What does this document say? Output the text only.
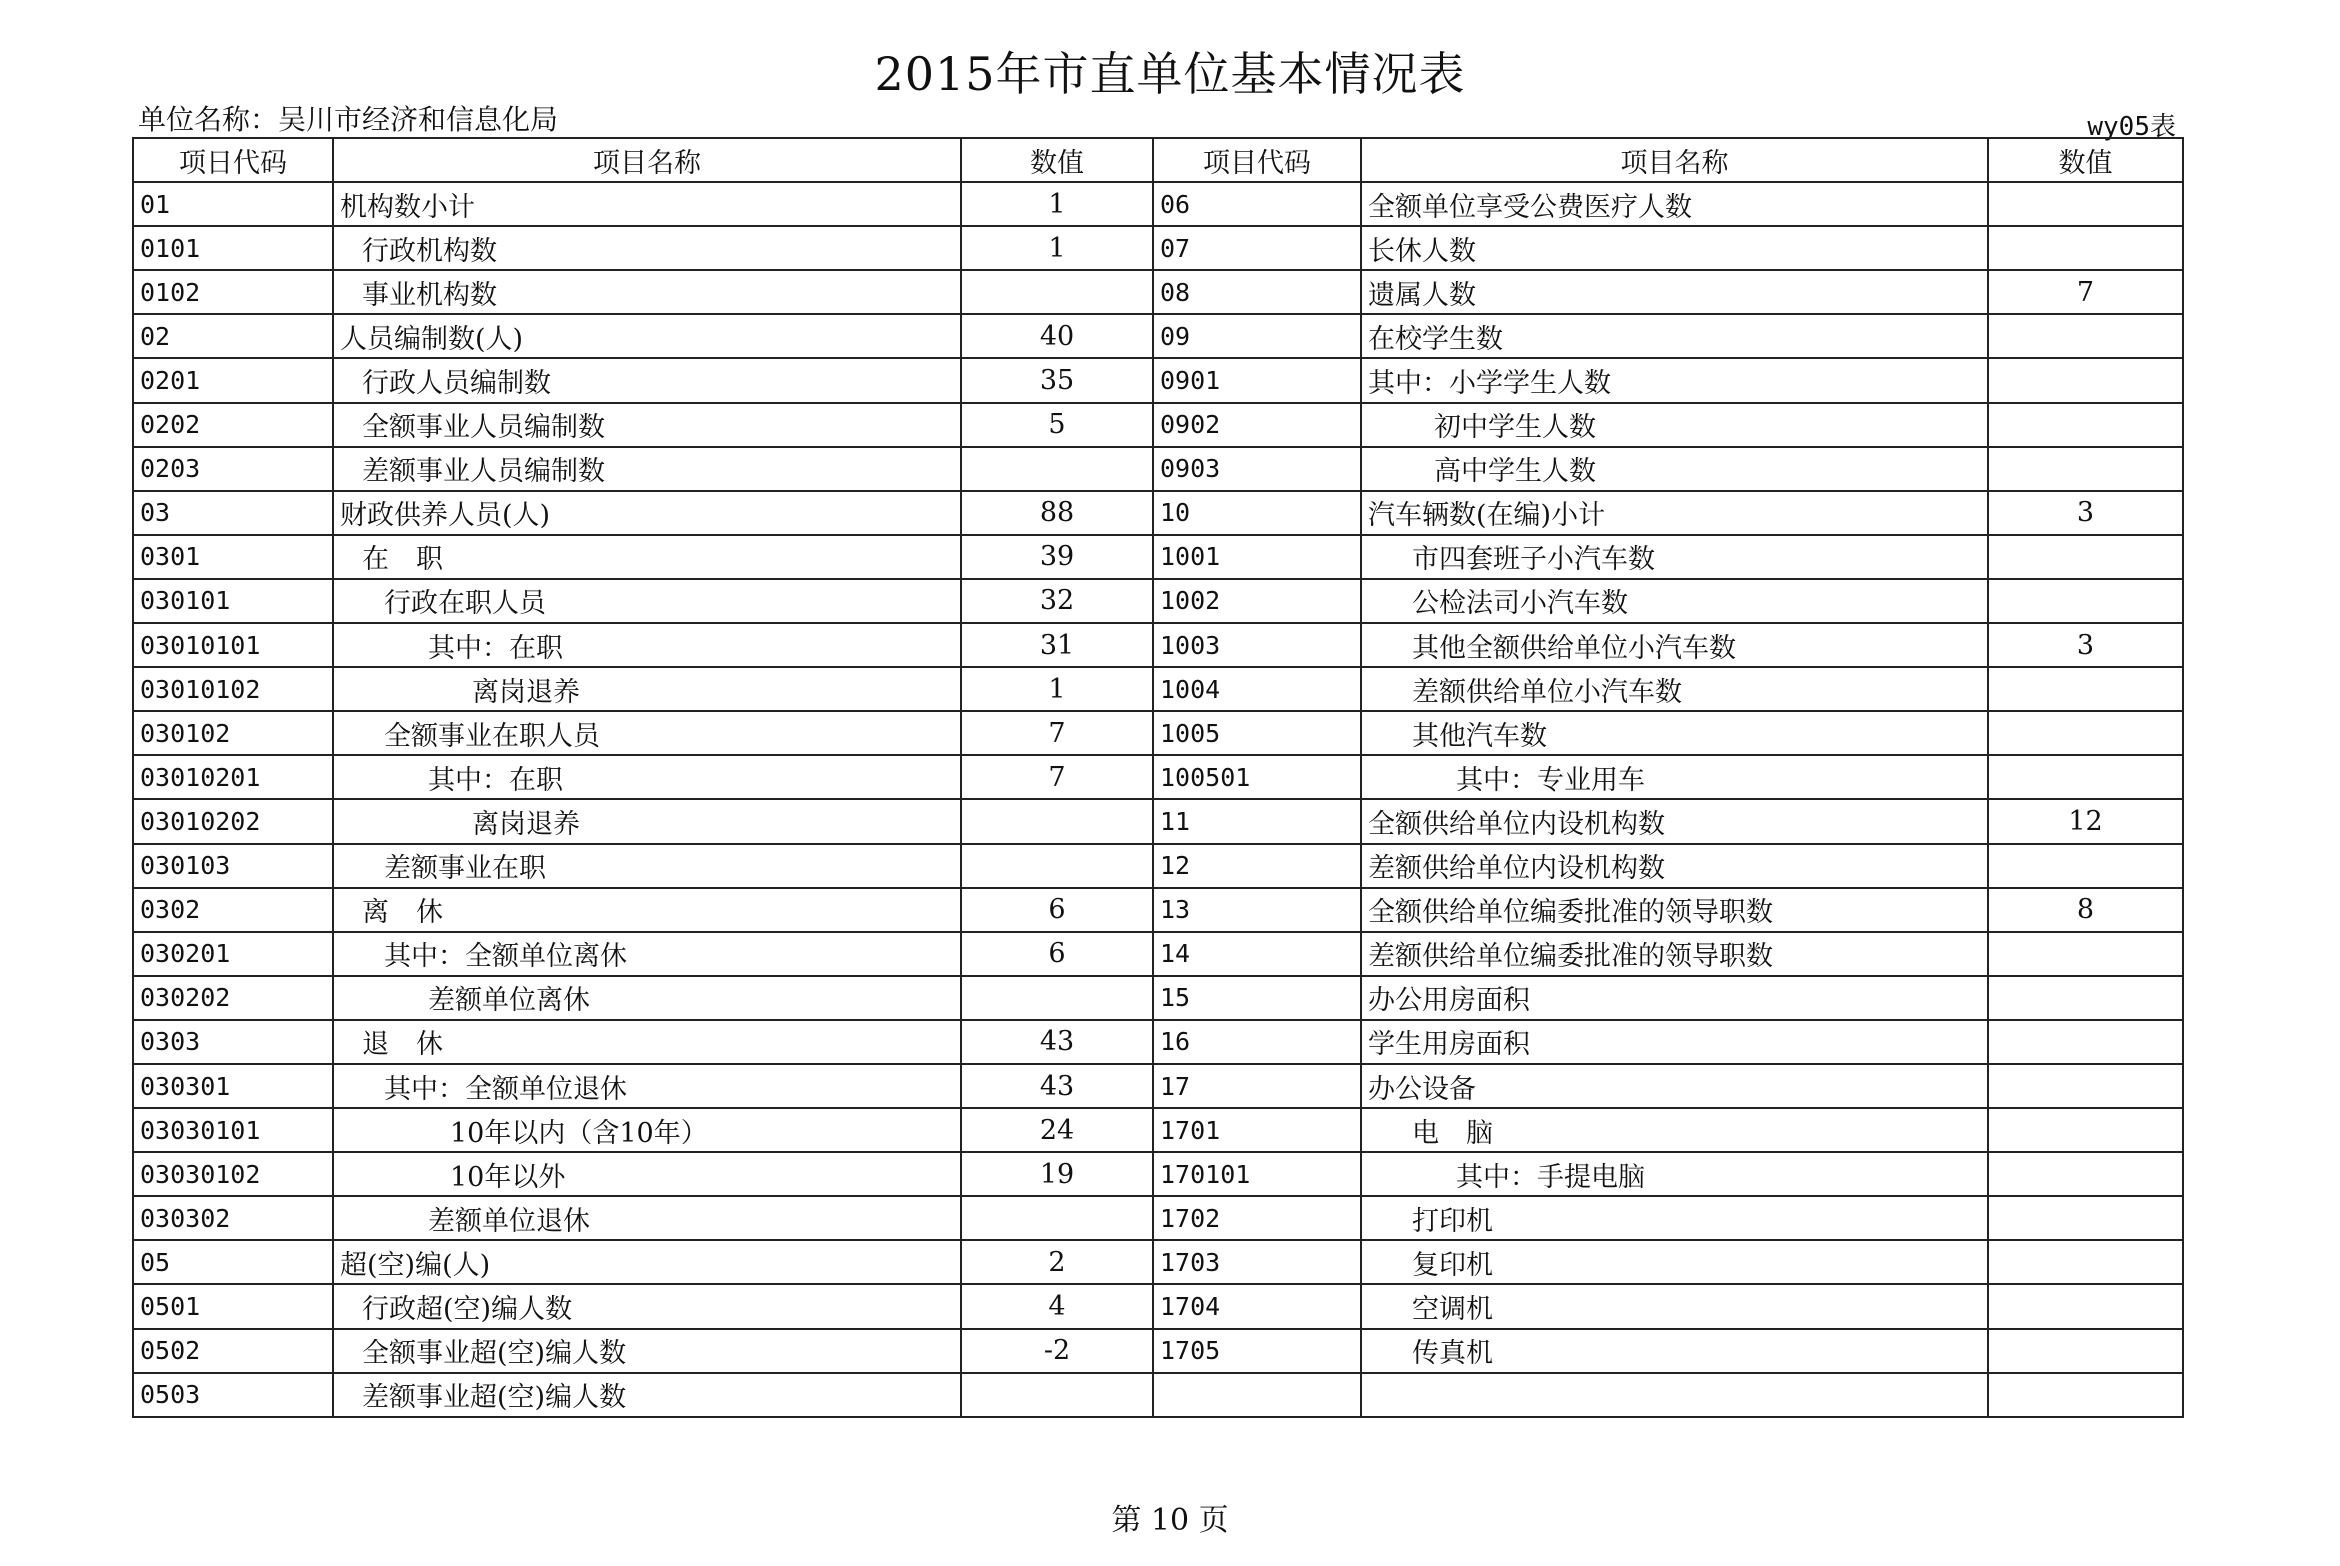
2015年市直单位基本情况表
单位名称：吴川市经济和信息化局	wy05表
项日代码	项目名称	数值	项目代码	项目名称	数值
01	机构数小计	1	06	全额单位享受公费医疗人数	
0101	行政机构数	1	07	长休人数	
0102	事业机构数		08	遗属人数	7
02	人员编制数(人)	40	09	在校学生数	
0201	行政人员编制数	35	0901	其中：小学学生人数	
0202	全额事业人员编制数	5	0902	初中学生人数	
0203	差额事业人员编制数		0903	高中学生人数	
03	财政供养人员(人)	88	10	汽车辆数(在编)小计	3
0301	在　职	39	1001	市四套班子小汽车数	
030101	行政在职人员	32	1002	公检法司小汽车数	
03010101	其中：在职	31	1003	其他全额供给单位小汽车数	3
03010102	离岗退养	1	1004	差额供给单位小汽车数	
030102	全额事业在职人员	7	1005	其他汽车数	
03010201	其中：在职	7	100501	其中：专业用车	
03010202	离岗退养		11	全额供给单位内设机构数	12
030103	差额事业在职		12	差额供给单位内设机构数	
0302	离　休	6	13	全额供给单位编委批准的领导职数	8
030201	其中：全额单位离休	6	14	差额供给单位编委批准的领导职数	
030202	差额单位离休		15	办公用房面积	
0303	退　休	43	16	学生用房面积	
030301	其中：全额单位退休	43	17	办公设备	
03030101	10年以内（含10年）	24	1701	电　脑	
03030102	10年以外	19	170101	其中：手提电脑	
030302	差额单位退休		1702	打印机	
05	超(空)编(人)	2	1703	复印机	
0501	行政超(空)编人数	4	1704	空调机	
0502	全额事业超(空)编人数	-2	1705	传真机	
0503	差额事业超(空)编人数				
第 10 页
